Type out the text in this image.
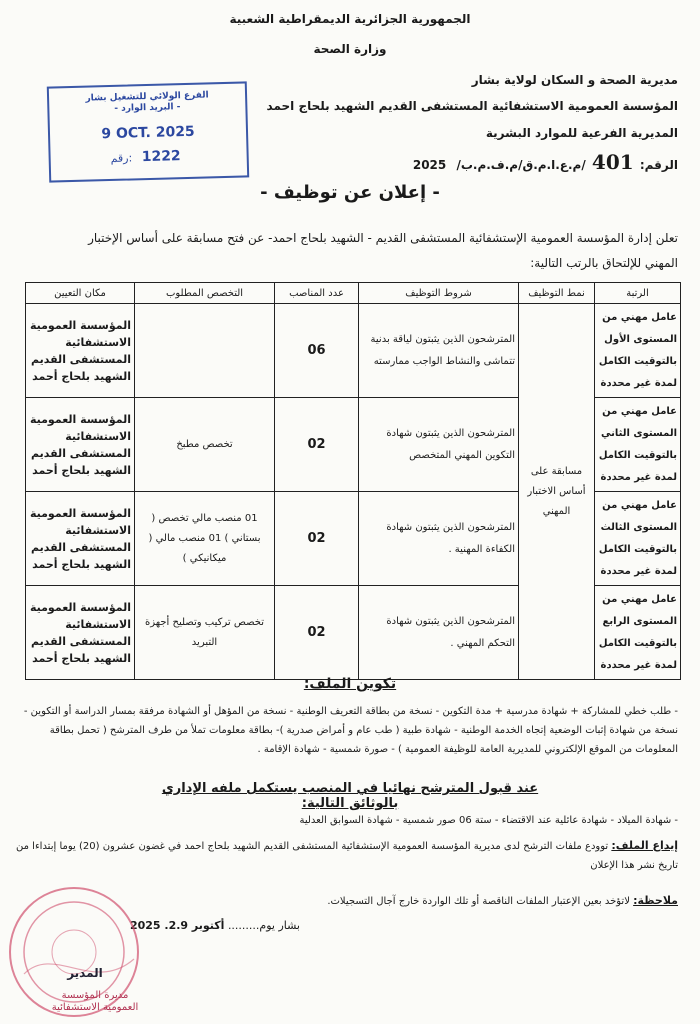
الجمهورية الجزائرية الديمقراطية الشعبية
وزارة الصحة
مديرية الصحة و السكان لولاية بشار
المؤسسة العمومية الاستشفائية المستشفى القديم الشهيد بلحاج احمد
المديرية الفرعية للموارد البشرية
الرقم: 401 /م.ع.ا.م.ق/م.ف.م.ب/ 2025
الفرع الولائي للتشغيل بشار
- البريد الوارد -
9 OCT. 2025
رقم: 1222
- إعلان عن توظيف -
تعلن إدارة المؤسسة العمومية الإستشفائية المستشفى القديم - الشهيد بلحاج احمد- عن فتح مسابقة على أساس الإختبار
المهني للإلتحاق بالرتب التالية:
الرتبة	نمط التوظيف	شروط التوظيف	عدد المناصب	التخصص المطلوب	مكان التعيين
عامل مهني من المستوى الأول بالتوقيت الكامل لمدة غير محددة	مسابقة على أساس الاختبار المهني	المترشحون الذين يثبتون لياقة بدنية تتماشى والنشاط الواجب ممارسته	06		المؤسسة العمومية الاستشفائية المستشفى القديم الشهيد بلحاج أحمد
عامل مهني من المستوى الثاني بالتوقيت الكامل لمدة غير محددة		المترشحون الذين يثبتون شهادة التكوين المهني المتخصص	02	تخصص مطبخ	المؤسسة العمومية الاستشفائية المستشفى القديم الشهيد بلحاج أحمد
عامل مهني من المستوى الثالث بالتوقيت الكامل لمدة غير محددة		المترشحون الذين يثبتون شهادة الكفاءة المهنية .	02	01 منصب مالي تخصص ( بستاني ) 01 منصب مالي ( ميكانيكي )	المؤسسة العمومية الاستشفائية المستشفى القديم الشهيد بلحاج أحمد
عامل مهني من المستوى الرابع بالتوقيت الكامل لمدة غير محددة		المترشحون الذين يثبتون شهادة التحكم المهني .	02	تخصص تركيب وتصليح أجهزة التبريد	المؤسسة العمومية الاستشفائية المستشفى القديم الشهيد بلحاج أحمد
تكوين الملف:
- طلب خطي للمشاركة + شهادة مدرسية + مدة التكوين - نسخة من بطاقة التعريف الوطنية - نسخة من المؤهل أو الشهادة مرفقة بمسار الدراسة أو التكوين - نسخة من شهادة إثبات الوضعية إتجاه الخدمة الوطنية - شهادة طبية ( طب عام و أمراض صدرية )- بطاقة معلومات تملأ من طرف المترشح ( تحمل بطاقة المعلومات من الموقع الإلكتروني للمديرية العامة للوظيفة العمومية ) - صورة شمسية - شهادة الإقامة .
عند قبول المترشح نهائيا في المنصب يستكمل ملفه الإداري بالوثائق التالية:
- شهادة الميلاد - شهادة عائلية عند الاقتضاء - ستة 06 صور شمسية - شهادة السوابق العدلية
إيداع الملف: توودع ملفات الترشح لدى مديرية المؤسسة العمومية الإستشفائية المستشفى القديم الشهيد بلحاج احمد في غضون عشرون (20) يوما إبتداءا من تاريخ نشر هذا الإعلان
ملاحظة: لاتؤخد بعين الإعتبار الملفات الناقصة أو تلك الواردة خارج آجال التسجيلات.
بشار يوم......... 2025 .أكتوبر 2.9
مديرة المؤسسة العمومية الاستشفائية
المدير
